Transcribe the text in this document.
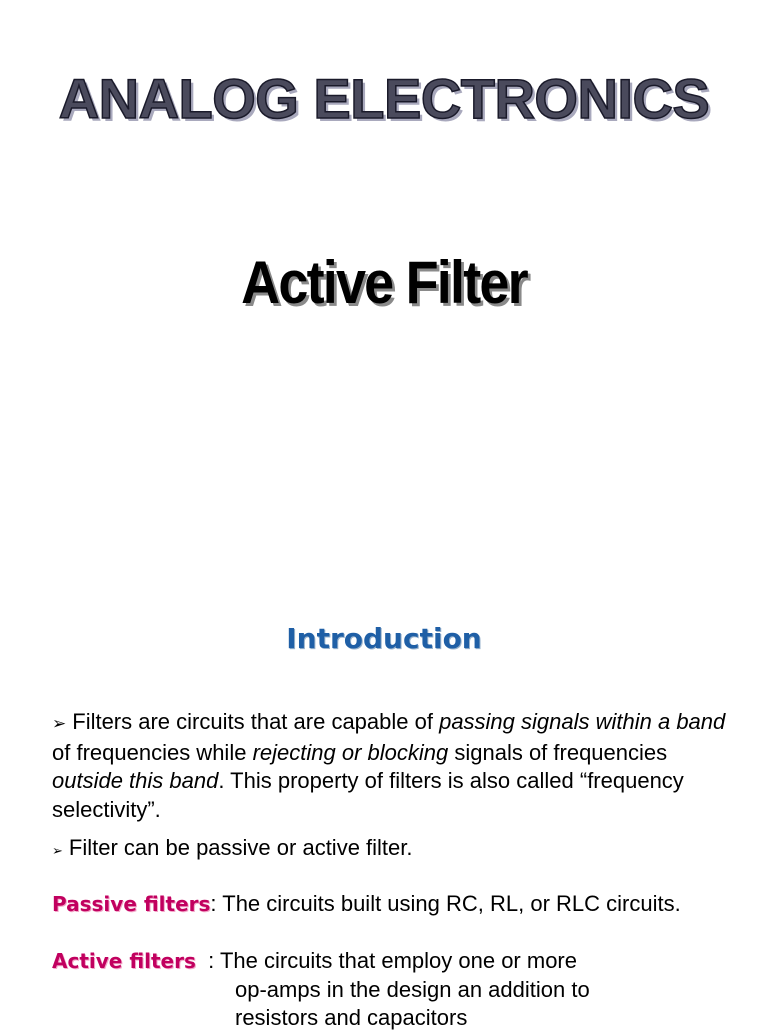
ANALOG ELECTRONICS
Active Filter
Introduction

➢ Filters are circuits that are capable of passing signals within a band of frequencies while rejecting or blocking signals of frequencies outside this band. This property of filters is also called “frequency selectivity”.

➢ Filter can be passive or active filter.

Passive filters: The circuits built using RC, RL, or RLC circuits.
Active filters  : The circuits that employ one or more
op-amps in the design an addition to
resistors and capacitors
